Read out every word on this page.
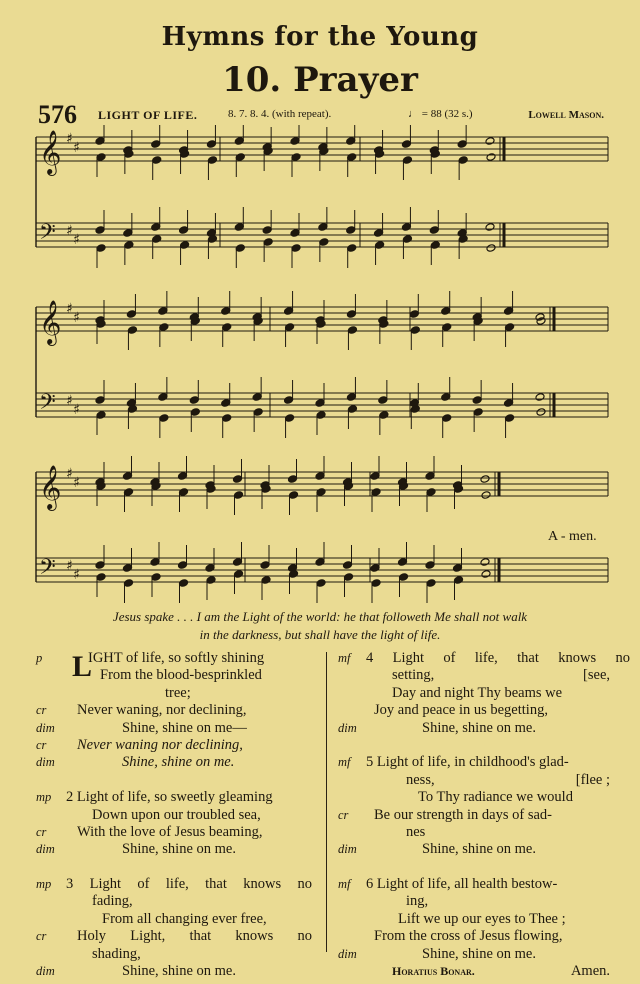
Hymns for the Young
10. Prayer
576 LIGHT OF LIFE.	8. 7. 8. 4. (with repeat).	♩ = 88 (32 s.)	Lowell Mason.
𝄞
𝄢
♯
♯
♯
♯
𝄞
𝄢
♯
♯
♯
♯
𝄞
𝄢
♯
♯
♯
♯
A - men.
Jesus spake . . . I am the Light of the world: he that followeth Me shall not walk
in the darkness, but shall have the light of life.
p L
IGHT of life, so softly shining
From the blood-besprinkled
tree;
cr Never waning, nor declining,
dim	Shine, shine on me—
cr Never waning nor declining,
dim	Shine, shine on me.
mp 2 Light of life, so sweetly gleaming
Down upon our troubled sea,
cr With the love of Jesus beaming,
dim	Shine, shine on me.
mp 3 Light of life, that knows no
fading,
From all changing ever free,
cr Holy Light, that knows no
shading,
dim	Shine, shine on me.
mf 4 Light of life, that knows no
setting,	[see,
Day and night Thy beams we
Joy and peace in us begetting,
dim	Shine, shine on me.
mf 5 Light of life, in childhood's glad-
ness,	[flee ;
To Thy radiance we would
cr Be our strength in days of sad-
nes
dim	Shine, shine on me.
mf 6 Light of life, all health bestow-
ing,
Lift we up our eyes to Thee ;
From the cross of Jesus flowing,
dim	Shine, shine on me.
Horatius Bonar.	Amen.
